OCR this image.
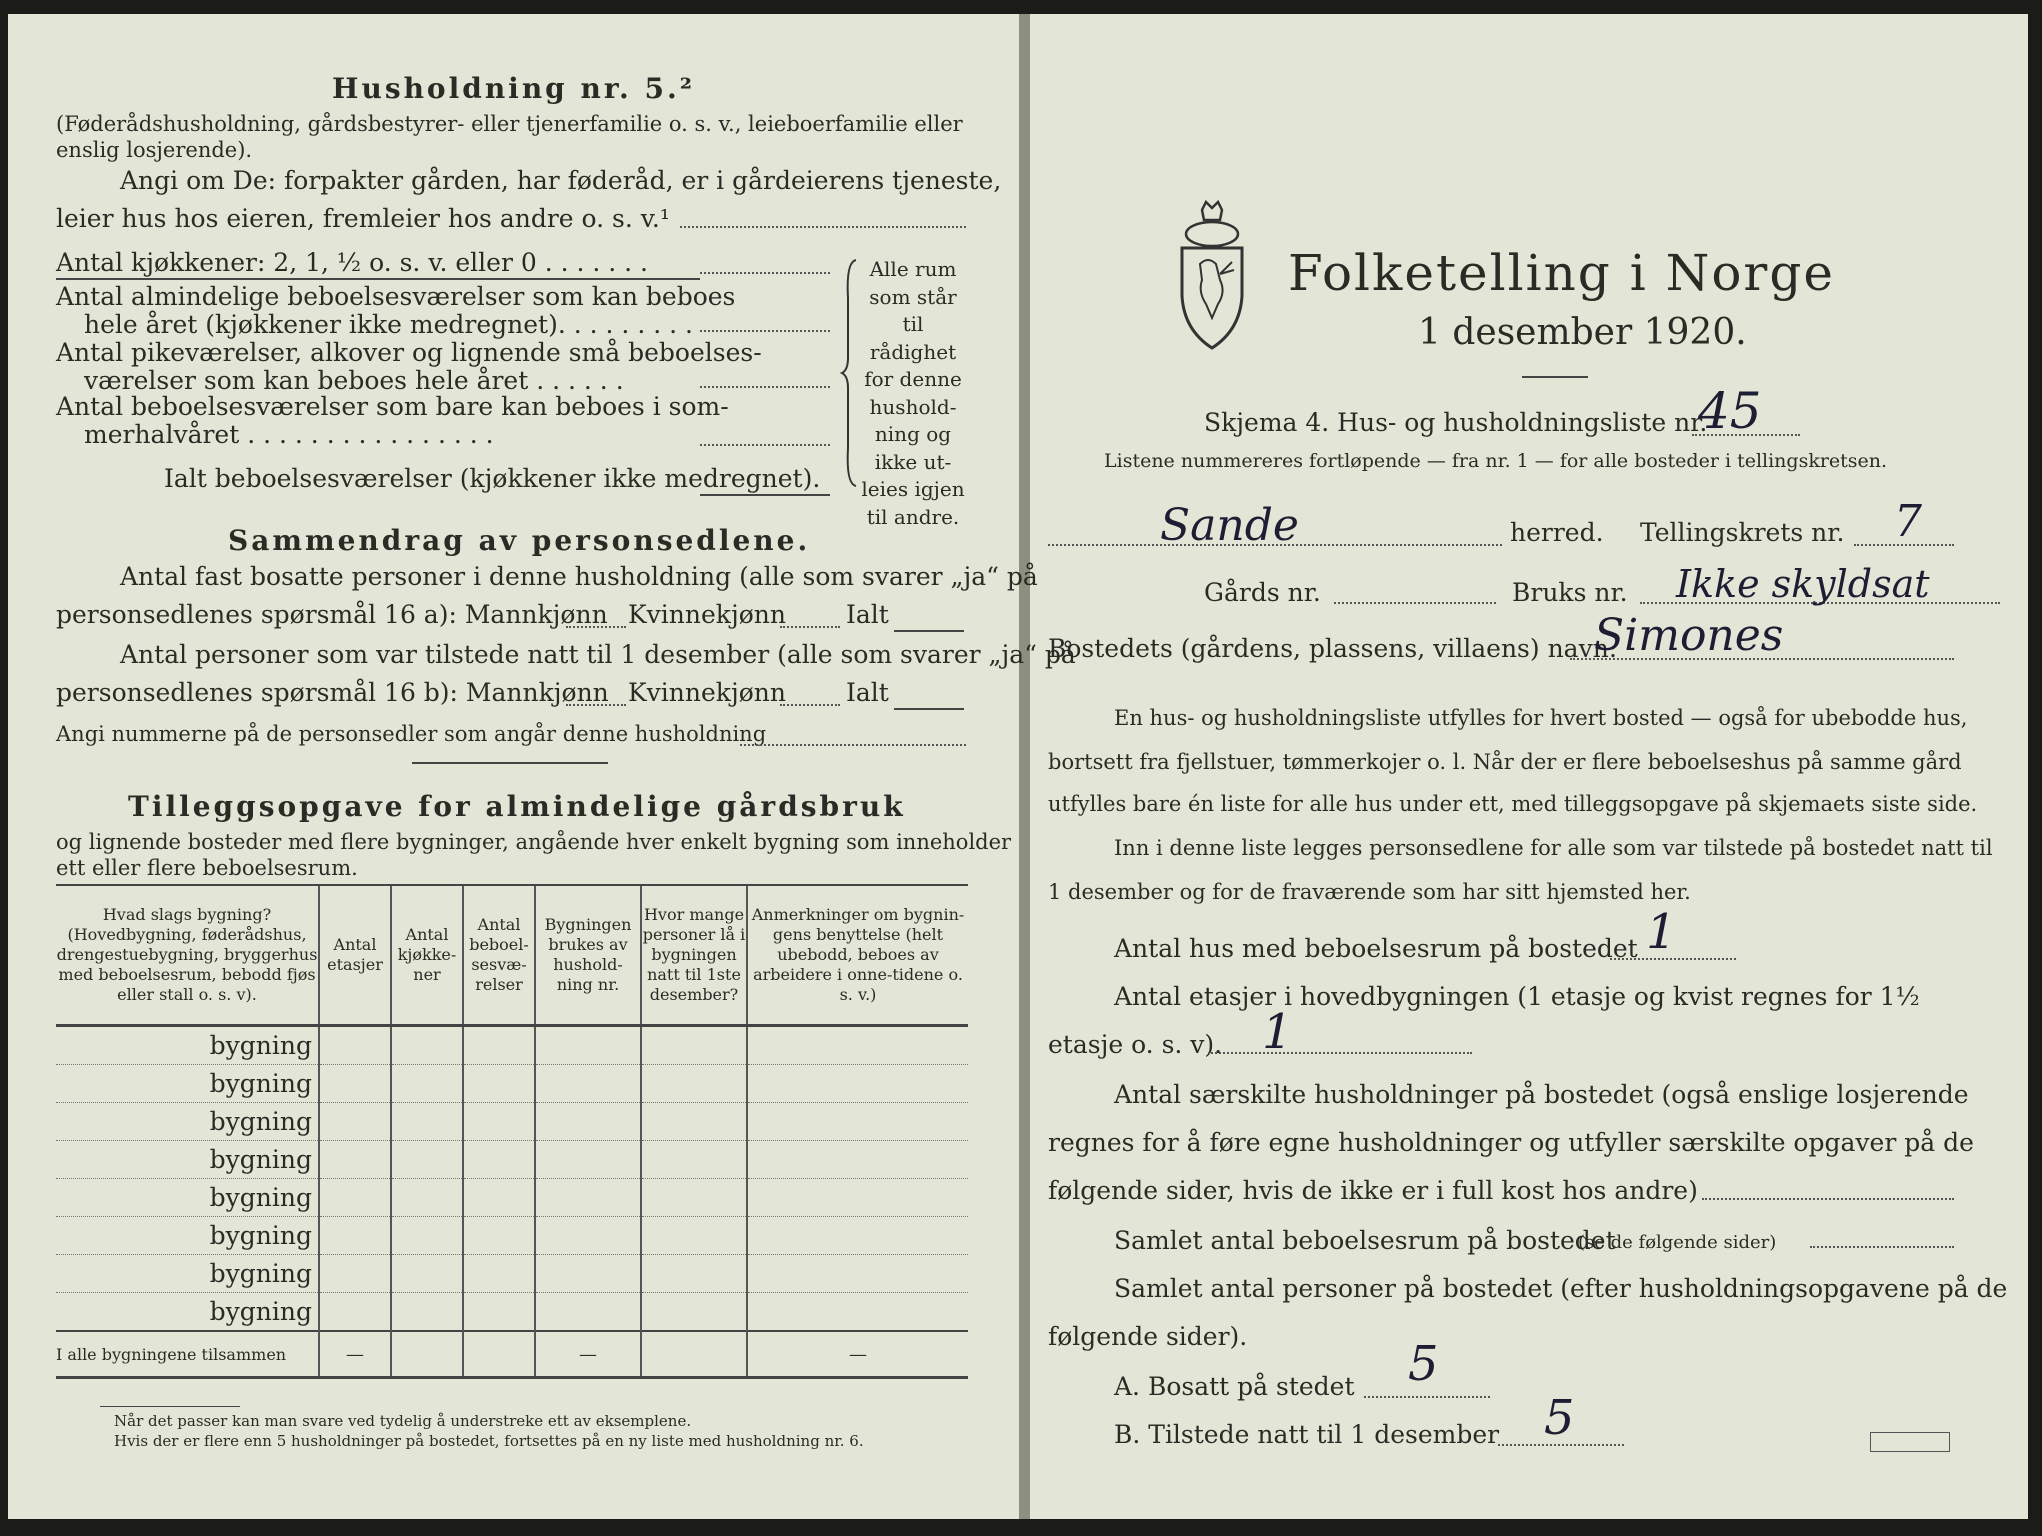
Husholdning nr. 5.²
(Føderådshusholdning, gårdsbestyrer- eller tjenerfamilie o. s. v., leieboerfamilie eller
enslig losjerende).
Angi om De: forpakter gården, har føderåd, er i gårdeierens tjeneste,
leier hus hos eieren, fremleier hos andre o. s. v.¹
Antal kjøkkener: 2, 1, ½ o. s. v. eller 0 . . . . . . .
Antal almindelige beboelsesværelser som kan beboes
hele året (kjøkkener ikke medregnet). . . . . . . . .
Antal pikeværelser, alkover og lignende små beboelses-
værelser som kan beboes hele året . . . . . .
Antal beboelsesværelser som bare kan beboes i som-
merhalvåret . . . . . . . . . . . . . . . .
Ialt beboelsesværelser (kjøkkener ikke medregnet).
Alle rum
som står til
rådighet
for denne
hushold-
ning og
ikke ut-
leies igjen
til andre.
Sammendrag av personsedlene.
Antal fast bosatte personer i denne husholdning (alle som svarer „ja“ på
personsedlenes spørsmål 16 a): Mannkjønn Kvinnekjønn Ialt
Antal personer som var tilstede natt til 1 desember (alle som svarer „ja“ på
personsedlenes spørsmål 16 b): Mannkjønn Kvinnekjønn Ialt
Angi nummerne på de personsedler som angår denne husholdning
Tilleggsopgave for almindelige gårdsbruk
og lignende bosteder med flere bygninger, angående hver enkelt bygning som inneholder
ett eller flere beboelsesrum.
Hvad slags bygning?
(Hovedbygning, føderådshus, drengestuebygning, bryggerhus med beboelsesrum, bebodd fjøs eller stall o. s. v).	Antal etasjer	Antal kjøkke-ner	Antal beboel-sesvæ-relser	Bygningen brukes av hushold-ning nr.	Hvor mange personer lå i bygningen natt til 1ste desember?	Anmerkninger om bygnin-gens benyttelse (helt ubebodd, beboes av arbeidere i onne-tidene o. s. v.)
bygning						
bygning						
bygning						
bygning						
bygning						
bygning						
bygning						
bygning						
I alle bygningene tilsammen	—			—		—
Når det passer kan man svare ved tydelig å understreke ett av eksemplene.
Hvis der er flere enn 5 husholdninger på bostedet, fortsettes på en ny liste med husholdning nr. 6.
Folketelling i Norge
1 desember 1920.
Skjema 4. Hus- og husholdningsliste nr.
45
Listene nummereres fortløpende — fra nr. 1 — for alle bosteder i tellingskretsen.
Sande	herred. Tellingskrets nr. 7
Gårds nr.	Bruks nr. Ikke skyldsat
Bostedets (gårdens, plassens, villaens) navn:
Simones
En hus- og husholdningsliste utfylles for hvert bosted — også for ubebodde hus,
bortsett fra fjellstuer, tømmerkojer o. l. Når der er flere beboelseshus på samme gård
utfylles bare én liste for alle hus under ett, med tilleggsopgave på skjemaets siste side.
Inn i denne liste legges personsedlene for alle som var tilstede på bostedet natt til
1 desember og for de fraværende som har sitt hjemsted her.
Antal hus med beboelsesrum på bostedet 1
Antal etasjer i hovedbygningen (1 etasje og kvist regnes for 1½
etasje o. s. v). 1
Antal særskilte husholdninger på bostedet (også enslige losjerende
regnes for å føre egne husholdninger og utfyller særskilte opgaver på de
følgende sider, hvis de ikke er i full kost hos andre)
Samlet antal beboelsesrum på bostedet
(se de følgende sider)
Samlet antal personer på bostedet (efter husholdningsopgavene på de
følgende sider).
A. Bosatt på stedet 5
B. Tilstede natt til 1 desember 5
